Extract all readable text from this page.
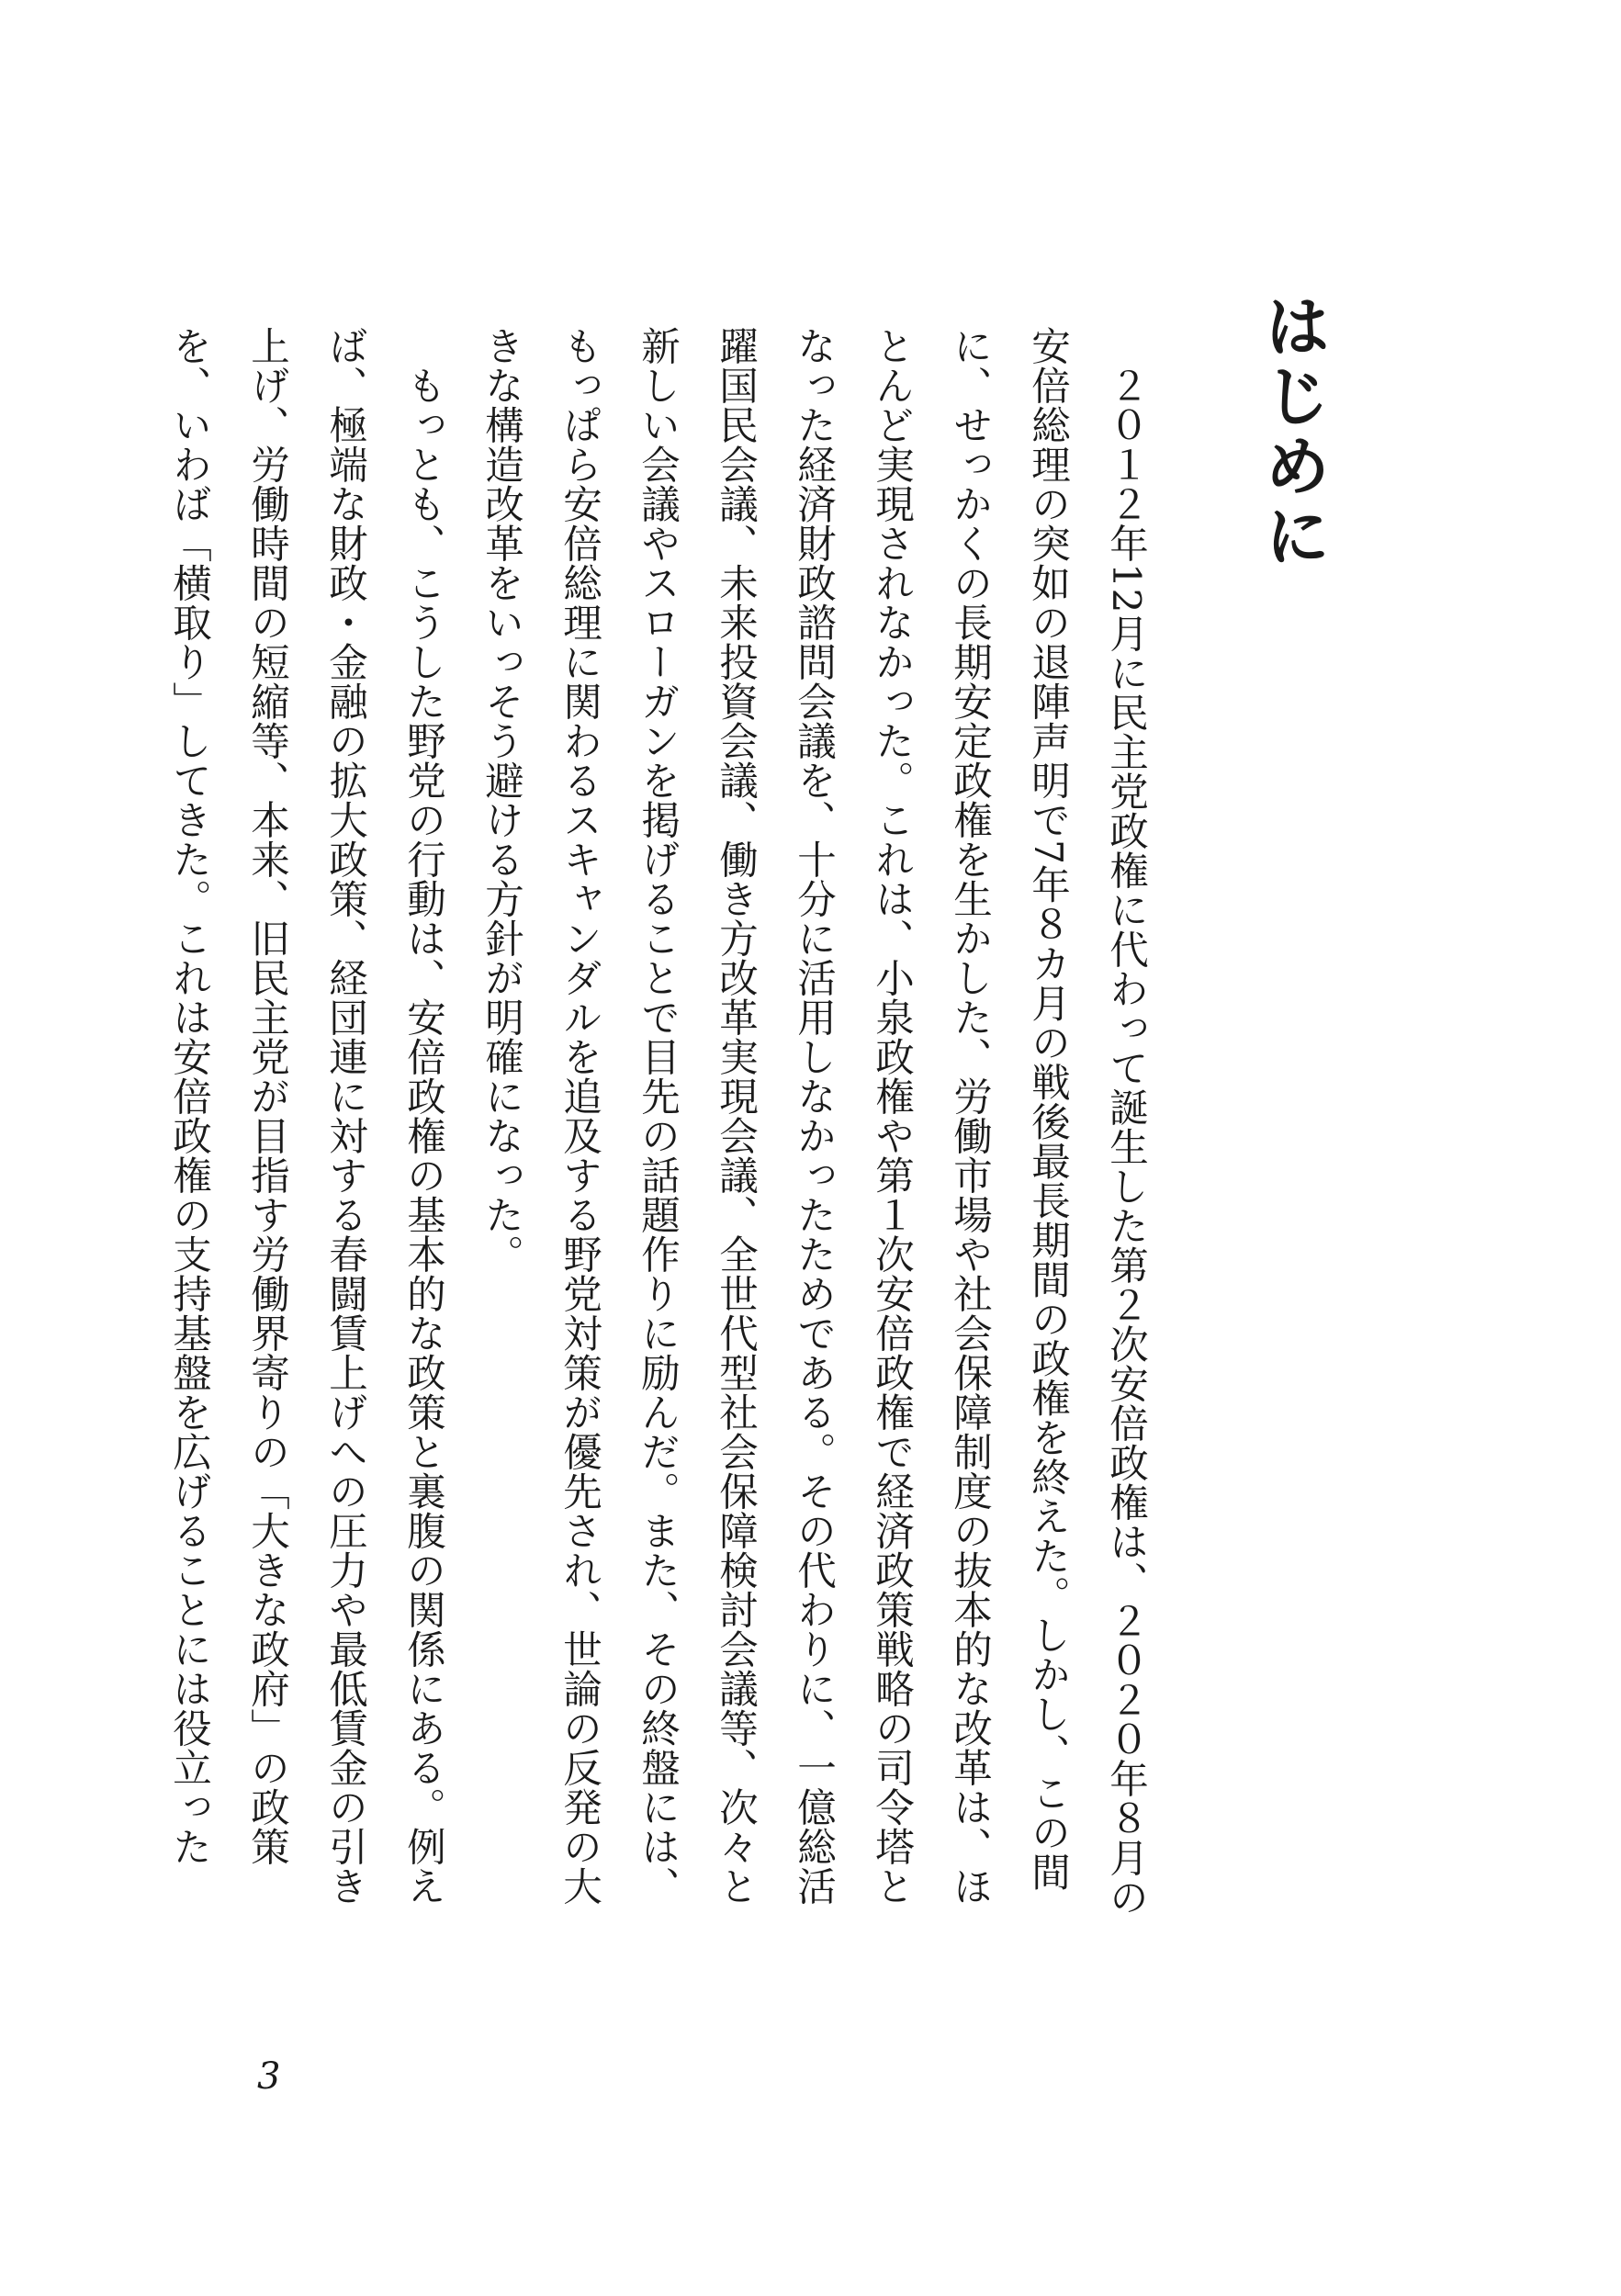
はじめに

２０１２年12月に民主党政権に代わって誕生した第２次安倍政権は、２０２０年８月の安倍総理の突如の退陣声明で7年８カ月の戦後最長期間の政権を終えた。しかし、この間に、せっかくの長期安定政権を生かした、労働市場や社会保障制度の抜本的な改革は、ほとんど実現されなかった。これは、小泉政権や第１次安倍政権で経済政策戦略の司令塔となった経済財政諮問会議を、十分に活用しなかったためである。その代わりに、一億総活躍国民会議、未来投資会議、働き方改革実現会議、全世代型社会保障検討会議等、次々と新しい会議やスローガンを掲げることで目先の話題作りに励んだ。また、その終盤には、もっぱら安倍総理に関わるスキャンダルを追及する野党対策が優先され、世論の反発の大きな構造改革をいっそう避ける方針が明確になった。

もっとも、こうした野党の行動は、安倍政権の基本的な政策と裏腹の関係にある。例えば、極端な財政・金融の拡大政策、経団連に対する春闘賃上げへの圧力や最低賃金の引き上げ、労働時間の短縮等、本来、旧民主党が目指す労働界寄りの「大きな政府」の政策を、いわば「横取り」してきた。これは安倍政権の支持基盤を広げることには役立った

3
